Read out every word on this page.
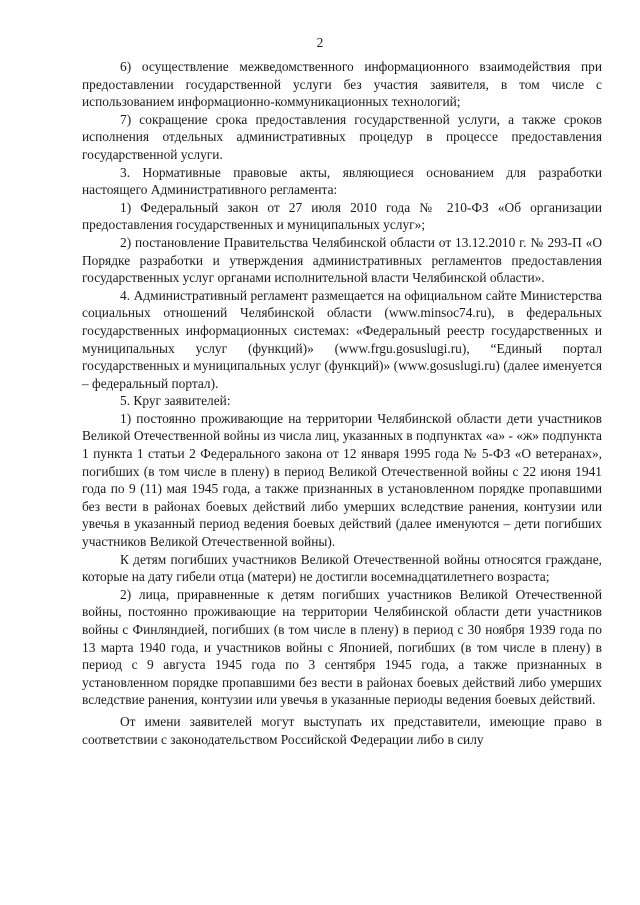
2

6) осуществление межведомственного информационного взаимодействия при предоставлении государственной услуги без участия заявителя, в том числе с использованием информационно-коммуникационных технологий;

7) сокращение срока предоставления государственной услуги, а также сроков исполнения отдельных административных процедур в процессе предоставления государственной услуги.

3. Нормативные правовые акты, являющиеся основанием для разработки настоящего Административного регламента:

1) Федеральный закон от 27 июля 2010 года № 210-ФЗ «Об организации предоставления государственных и муниципальных услуг»;

2) постановление Правительства Челябинской области от 13.12.2010 г. № 293-П «О Порядке разработки и утверждения административных регламентов предоставления государственных услуг органами исполнительной власти Челябинской области».

4. Административный регламент размещается на официальном сайте Министерства социальных отношений Челябинской области (www.minsoc74.ru), в федеральных государственных информационных системах: «Федеральный реестр государственных и муниципальных услуг (функций)» (www.frgu.gosuslugi.ru), “Единый портал государственных и муниципальных услуг (функций)» (www.gosuslugi.ru) (далее именуется – федеральный портал).

5. Круг заявителей:

1) постоянно проживающие на территории Челябинской области дети участников Великой Отечественной войны из числа лиц, указанных в подпунктах «а» - «ж» подпункта 1 пункта 1 статьи 2 Федерального закона от 12 января 1995 года № 5-ФЗ «О ветеранах», погибших (в том числе в плену) в период Великой Отечественной войны с 22 июня 1941 года по 9 (11) мая 1945 года, а также признанных в установленном порядке пропавшими без вести в районах боевых действий либо умерших вследствие ранения, контузии или увечья в указанный период ведения боевых действий (далее именуются – дети погибших участников Великой Отечественной войны).

К детям погибших участников Великой Отечественной войны относятся граждане, которые на дату гибели отца (матери) не достигли восемнадцатилетнего возраста;

2) лица, приравненные к детям погибших участников Великой Отечественной войны, постоянно проживающие на территории Челябинской области дети участников войны с Финляндией, погибших (в том числе в плену) в период с 30 ноября 1939 года по 13 марта 1940 года, и участников войны с Японией, погибших (в том числе в плену) в период с 9 августа 1945 года по 3 сентября 1945 года, а также признанных в установленном порядке пропавшими без вести в районах боевых действий либо умерших вследствие ранения, контузии или увечья в указанные периоды ведения боевых действий.

От имени заявителей могут выступать их представители, имеющие право в соответствии с законодательством Российской Федерации либо в силу
